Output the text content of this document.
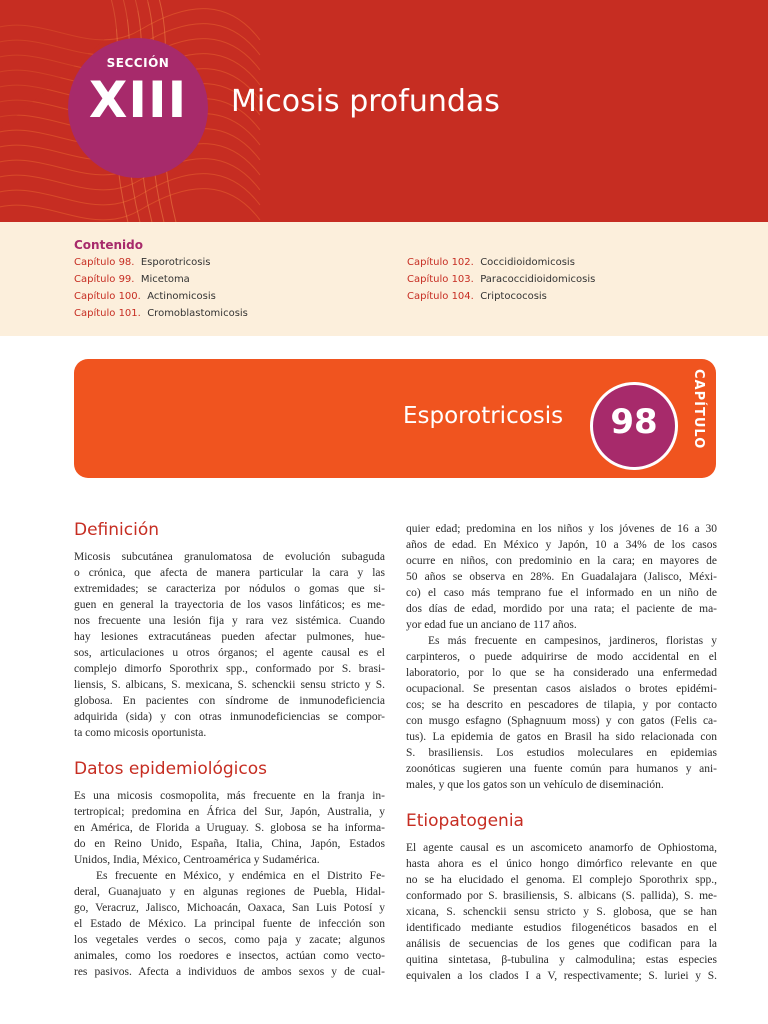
SECCIÓN
XIII	Micosis profundas
Contenido
Capítulo 98. Esporotricosis
Capítulo 99. Micetoma
Capítulo 100. Actinomicosis
Capítulo 101. Cromoblastomicosis
Capítulo 102. Coccidioidomicosis
Capítulo 103. Paracoccidioidomicosis
Capítulo 104. Criptococosis
Esporotricosis	98	CAPÍTULO
Definición
Micosis subcutánea granulomatosa de evolución subaguda
o crónica, que afecta de manera particular la cara y las
extremidades; se caracteriza por nódulos o gomas que si-
guen en general la trayectoria de los vasos linfáticos; es me-
nos frecuente una lesión fija y rara vez sistémica. Cuando
hay lesiones extracutáneas pueden afectar pulmones, hue-
sos, articulaciones u otros órganos; el agente causal es el
complejo dimorfo Sporothrix spp., conformado por S. brasi-
liensis, S. albicans, S. mexicana, S. schenckii sensu stricto y S.
globosa. En pacientes con síndrome de inmunodeficiencia
adquirida (sida) y con otras inmunodeficiencias se compor-
ta como micosis oportunista.
Datos epidemiológicos
Es una micosis cosmopolita, más frecuente en la franja in-
tertropical; predomina en África del Sur, Japón, Australia, y
en América, de Florida a Uruguay. S. globosa se ha informa-
do en Reino Unido, España, Italia, China, Japón, Estados
Unidos, India, México, Centroamérica y Sudamérica.
Es frecuente en México, y endémica en el Distrito Fe-
deral, Guanajuato y en algunas regiones de Puebla, Hidal-
go, Veracruz, Jalisco, Michoacán, Oaxaca, San Luis Potosí y
el Estado de México. La principal fuente de infección son
los vegetales verdes o secos, como paja y zacate; algunos
animales, como los roedores e insectos, actúan como vecto-
res pasivos. Afecta a individuos de ambos sexos y de cual-
quier edad; predomina en los niños y los jóvenes de 16 a 30
años de edad. En México y Japón, 10 a 34% de los casos
ocurre en niños, con predominio en la cara; en mayores de
50 años se observa en 28%. En Guadalajara (Jalisco, Méxi-
co) el caso más temprano fue el informado en un niño de
dos días de edad, mordido por una rata; el paciente de ma-
yor edad fue un anciano de 117 años.
Es más frecuente en campesinos, jardineros, floristas y
carpinteros, o puede adquirirse de modo accidental en el
laboratorio, por lo que se ha considerado una enfermedad
ocupacional. Se presentan casos aislados o brotes epidémi-
cos; se ha descrito en pescadores de tilapia, y por contacto
con musgo esfagno (Sphagnuum moss) y con gatos (Felis ca-
tus). La epidemia de gatos en Brasil ha sido relacionada con
S. brasiliensis. Los estudios moleculares en epidemias
zoonóticas sugieren una fuente común para humanos y ani-
males, y que los gatos son un vehículo de diseminación.
Etiopatogenia
El agente causal es un ascomiceto anamorfo de Ophiostoma,
hasta ahora es el único hongo dimórfico relevante en que
no se ha elucidado el genoma. El complejo Sporothrix spp.,
conformado por S. brasiliensis, S. albicans (S. pallida), S. me-
xicana, S. schenckii sensu stricto y S. globosa, que se han
identificado mediante estudios filogenéticos basados en el
análisis de secuencias de los genes que codifican para la
quitina sintetasa, β-tubulina y calmodulina; estas especies
equivalen a los clados I a V, respectivamente; S. luriei y S.
